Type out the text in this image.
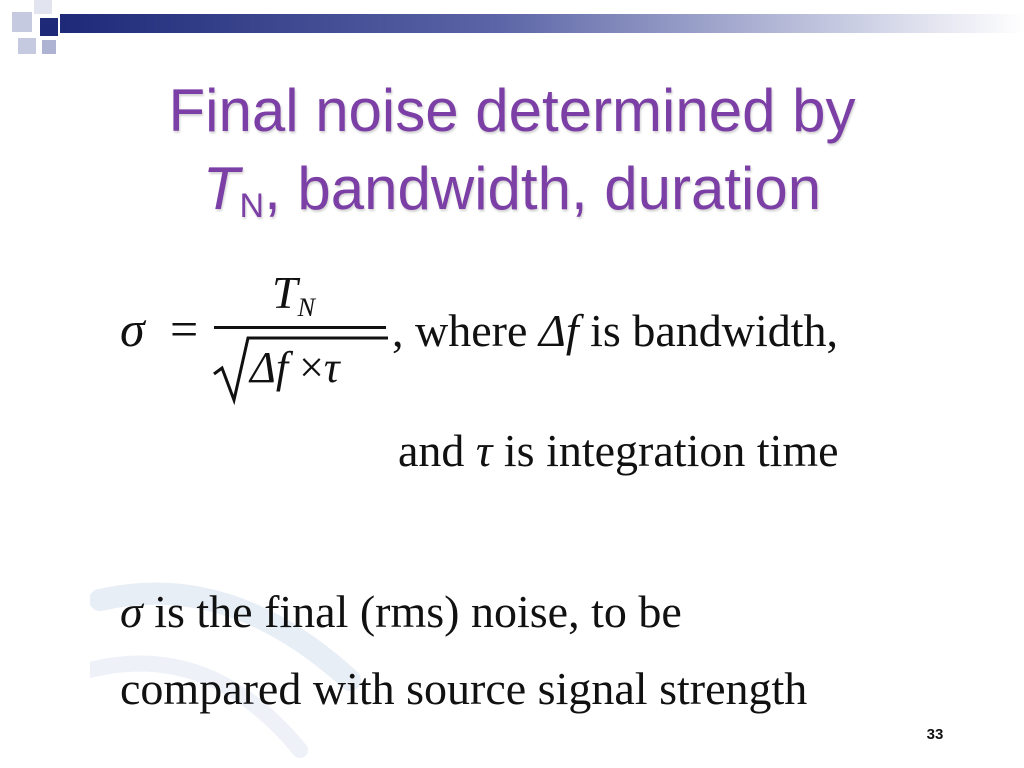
Final noise determined by
$T_N$, bandwidth, duration
σ =
$T_N$
Δf ×τ
, where Δf is bandwidth,
and τ is integration time
σ is the final (rms) noise, to be
compared with source signal strength
33
